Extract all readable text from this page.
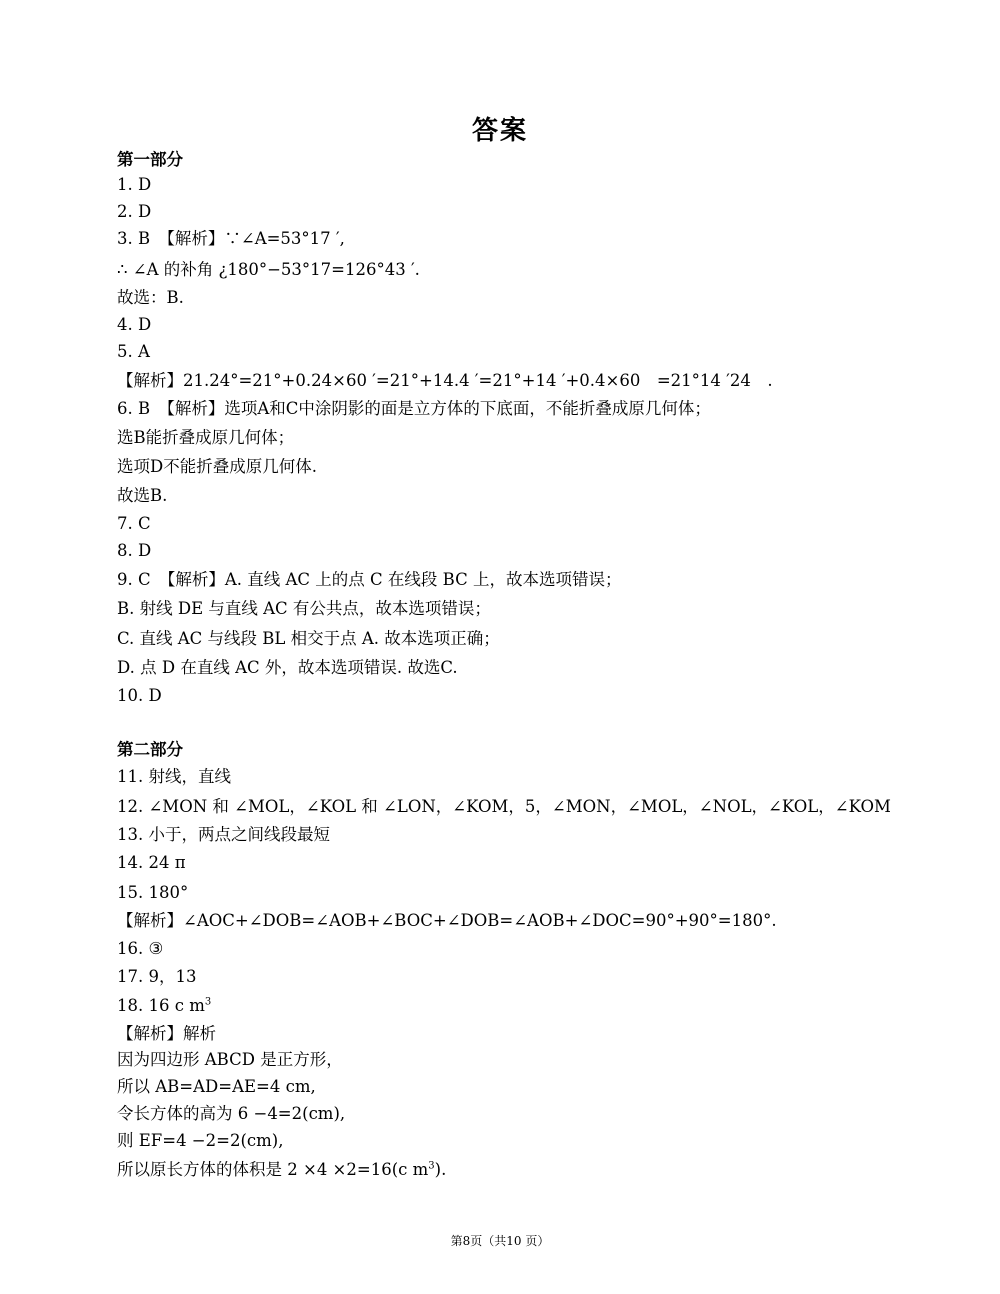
答案
第一部分
1. D
2. D
3. B　【解析】∵∠A=53°17 ′,
∴ ∠A 的补角 ¿180°−53°17=126°43 ′.
故选：B.
4. D
5. A
【解析】21.24°=21°+0.24×60 ′=21°+14.4 ′=21°+14 ′+0.4×60　=21°14 ′24　.
6. B　【解析】选项A和C中涂阴影的面是立方体的下底面，不能折叠成原几何体；
选B能折叠成原几何体；
选项D不能折叠成原几何体.
故选B.
7. C
8. D
9. C　【解析】A. 直线 AC 上的点 C 在线段 BC 上，故本选项错误；
B. 射线 DE 与直线 AC 有公共点，故本选项错误；
C. 直线 AC 与线段 BL 相交于点 A. 故本选项正确；
D. 点 D 在直线 AC 外，故本选项错误. 故选C.
10. D
第二部分
11. 射线，直线
12. ∠MON 和 ∠MOL，∠KOL 和 ∠LON，∠KOM，5，∠MON，∠MOL，∠NOL，∠KOL，∠KOM
13. 小于，两点之间线段最短
14. 24 π
15. 180°
【解析】∠AOC+∠DOB=∠AOB+∠BOC+∠DOB=∠AOB+∠DOC=90°+90°=180°.
16. ③
17. 9，13
18. 16 c $m^3$
【解析】解析
因为四边形 ABCD 是正方形，
所以 AB=AD=AE=4 cm,
令长方体的高为 6 −4=2(cm),
则 EF=4 −2=2(cm),
所以原长方体的体积是 2 ×4 ×2=16(c $m^3$).
第8页（共10 页）
